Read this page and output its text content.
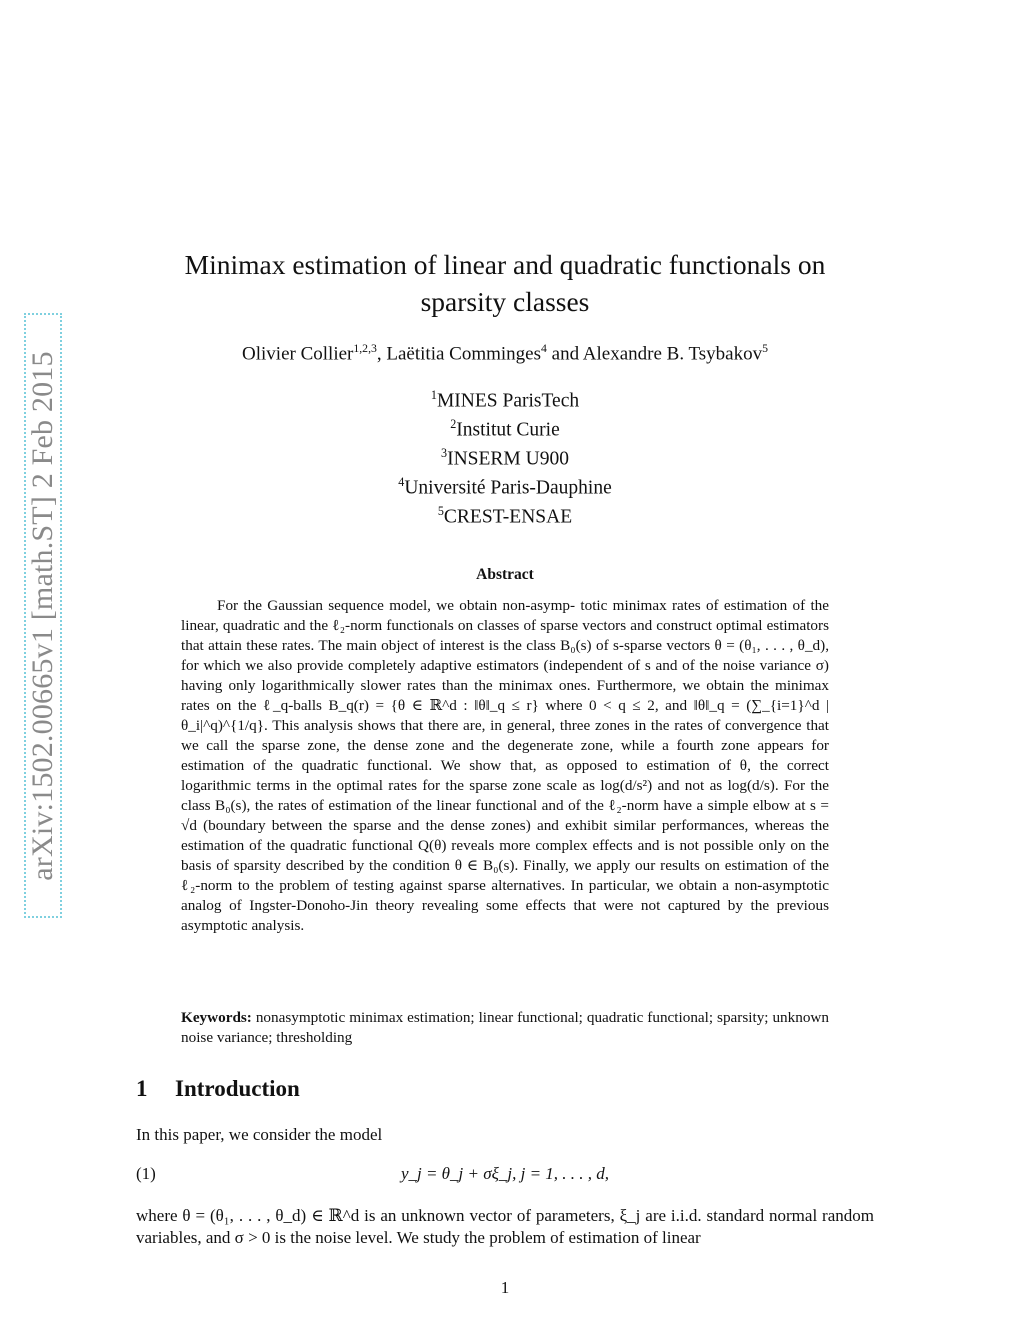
arXiv:1502.00665v1 [math.ST] 2 Feb 2015
Minimax estimation of linear and quadratic functionals on
sparsity classes
Olivier Collier$^{1,2,3}$, Laëtitia Comminges$^4$ and Alexandre B. Tsybakov$^5$
$^1$MINES ParisTech
$^2$Institut Curie
$^3$INSERM U900
$^4$Université Paris-Dauphine
$^5$CREST-ENSAE
Abstract
For the Gaussian sequence model, we obtain non-asymp- totic minimax rates of estimation of the linear, quadratic and the ℓ₂-norm functionals on classes of sparse vectors and construct optimal estimators that attain these rates. The main object of interest is the class B₀(s) of s-sparse vectors θ = (θ₁, . . . , θ_d), for which we also provide completely adaptive estimators (independent of s and of the noise variance σ) having only logarithmically slower rates than the minimax ones. Furthermore, we obtain the minimax rates on the ℓ_q-balls B_q(r) = {θ ∈ ℝ^d : ‖θ‖_q ≤ r} where 0 < q ≤ 2, and ‖θ‖_q = (∑_{i=1}^d |θ_i|^q)^{1/q}. This analysis shows that there are, in general, three zones in the rates of convergence that we call the sparse zone, the dense zone and the degenerate zone, while a fourth zone appears for estimation of the quadratic functional. We show that, as opposed to estimation of θ, the correct logarithmic terms in the optimal rates for the sparse zone scale as log(d/s²) and not as log(d/s). For the class B₀(s), the rates of estimation of the linear functional and of the ℓ₂-norm have a simple elbow at s = √d (boundary between the sparse and the dense zones) and exhibit similar performances, whereas the estimation of the quadratic functional Q(θ) reveals more complex effects and is not possible only on the basis of sparsity described by the condition θ ∈ B₀(s). Finally, we apply our results on estimation of the ℓ₂-norm to the problem of testing against sparse alternatives. In particular, we obtain a non-asymptotic analog of Ingster-Donoho-Jin theory revealing some effects that were not captured by the previous asymptotic analysis.
Keywords: nonasymptotic minimax estimation; linear functional; quadratic functional; sparsity; unknown noise variance; thresholding
1 Introduction
In this paper, we consider the model
(1)	y_j = θ_j + σξ_j, j = 1, . . . , d,
where θ = (θ₁, . . . , θ_d) ∈ ℝ^d is an unknown vector of parameters, ξ_j are i.i.d. standard normal random variables, and σ > 0 is the noise level. We study the problem of estimation of linear
1
